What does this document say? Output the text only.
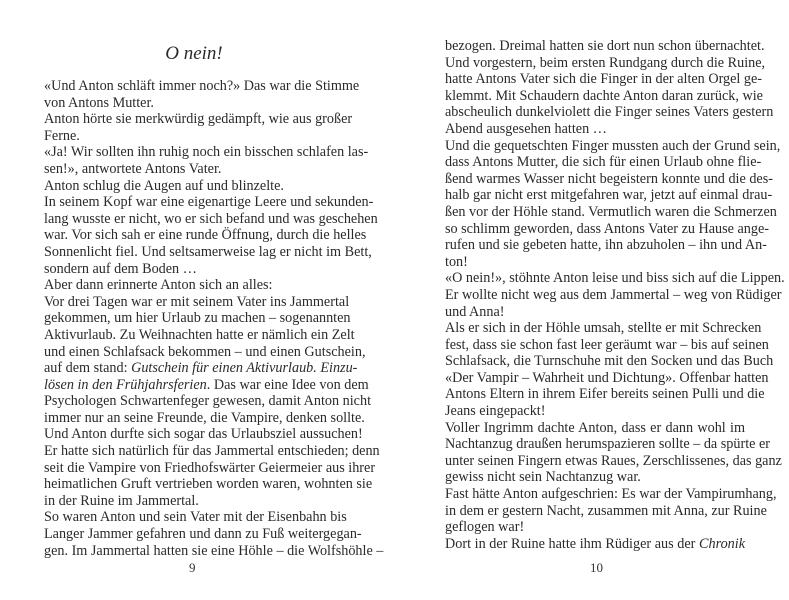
O nein!
«Und Anton schläft immer noch?» Das war die Stimme
von Antons Mutter.
Anton hörte sie merkwürdig gedämpft, wie aus großer
Ferne.
«Ja! Wir sollten ihn ruhig noch ein bisschen schlafen las-
sen!», antwortete Antons Vater.
Anton schlug die Augen auf und blinzelte.
In seinem Kopf war eine eigenartige Leere und sekunden-
lang wusste er nicht, wo er sich befand und was geschehen
war. Vor sich sah er eine runde Öffnung, durch die helles
Sonnenlicht fiel. Und seltsamerweise lag er nicht im Bett,
sondern auf dem Boden …
Aber dann erinnerte Anton sich an alles:
Vor drei Tagen war er mit seinem Vater ins Jammertal
gekommen, um hier Urlaub zu machen – sogenannten
Aktivurlaub. Zu Weihnachten hatte er nämlich ein Zelt
und einen Schlafsack bekommen – und einen Gutschein,
auf dem stand: Gutschein für einen Aktivurlaub. Einzu-
lösen in den Frühjahrsferien. Das war eine Idee von dem
Psychologen Schwartenfeger gewesen, damit Anton nicht
immer nur an seine Freunde, die Vampire, denken sollte.
Und Anton durfte sich sogar das Urlaubsziel aussuchen!
Er hatte sich natürlich für das Jammertal entschieden; denn
seit die Vampire von Friedhofswärter Geiermeier aus ihrer
heimatlichen Gruft vertrieben worden waren, wohnten sie
in der Ruine im Jammertal.
So waren Anton und sein Vater mit der Eisenbahn bis
Langer Jammer gefahren und dann zu Fuß weitergegan-
gen. Im Jammertal hatten sie eine Höhle – die Wolfshöhle –
bezogen. Dreimal hatten sie dort nun schon übernachtet.
Und vorgestern, beim ersten Rundgang durch die Ruine,
hatte Antons Vater sich die Finger in der alten Orgel ge-
klemmt. Mit Schaudern dachte Anton daran zurück, wie
abscheulich dunkelviolett die Finger seines Vaters gestern
Abend ausgesehen hatten …
Und die gequetschten Finger mussten auch der Grund sein,
dass Antons Mutter, die sich für einen Urlaub ohne flie-
ßend warmes Wasser nicht begeistern konnte und die des-
halb gar nicht erst mitgefahren war, jetzt auf einmal drau-
ßen vor der Höhle stand. Vermutlich waren die Schmerzen
so schlimm geworden, dass Antons Vater zu Hause ange-
rufen und sie gebeten hatte, ihn abzuholen – ihn und An-
ton!
«O nein!», stöhnte Anton leise und biss sich auf die Lippen.
Er wollte nicht weg aus dem Jammertal – weg von Rüdiger
und Anna!
Als er sich in der Höhle umsah, stellte er mit Schrecken
fest, dass sie schon fast leer geräumt war – bis auf seinen
Schlafsack, die Turnschuhe mit den Socken und das Buch
«Der Vampir – Wahrheit und Dichtung». Offenbar hatten
Antons Eltern in ihrem Eifer bereits seinen Pulli und die
Jeans eingepackt!
Voller Ingrimm dachte Anton, dass er dann wohl im
Nachtanzug draußen herumspazieren sollte – da spürte er
unter seinen Fingern etwas Raues, Zerschlissenes, das ganz
gewiss nicht sein Nachtanzug war.
Fast hätte Anton aufgeschrien: Es war der Vampirumhang,
in dem er gestern Nacht, zusammen mit Anna, zur Ruine
geflogen war!
Dort in der Ruine hatte ihm Rüdiger aus der Chronik
9	10
